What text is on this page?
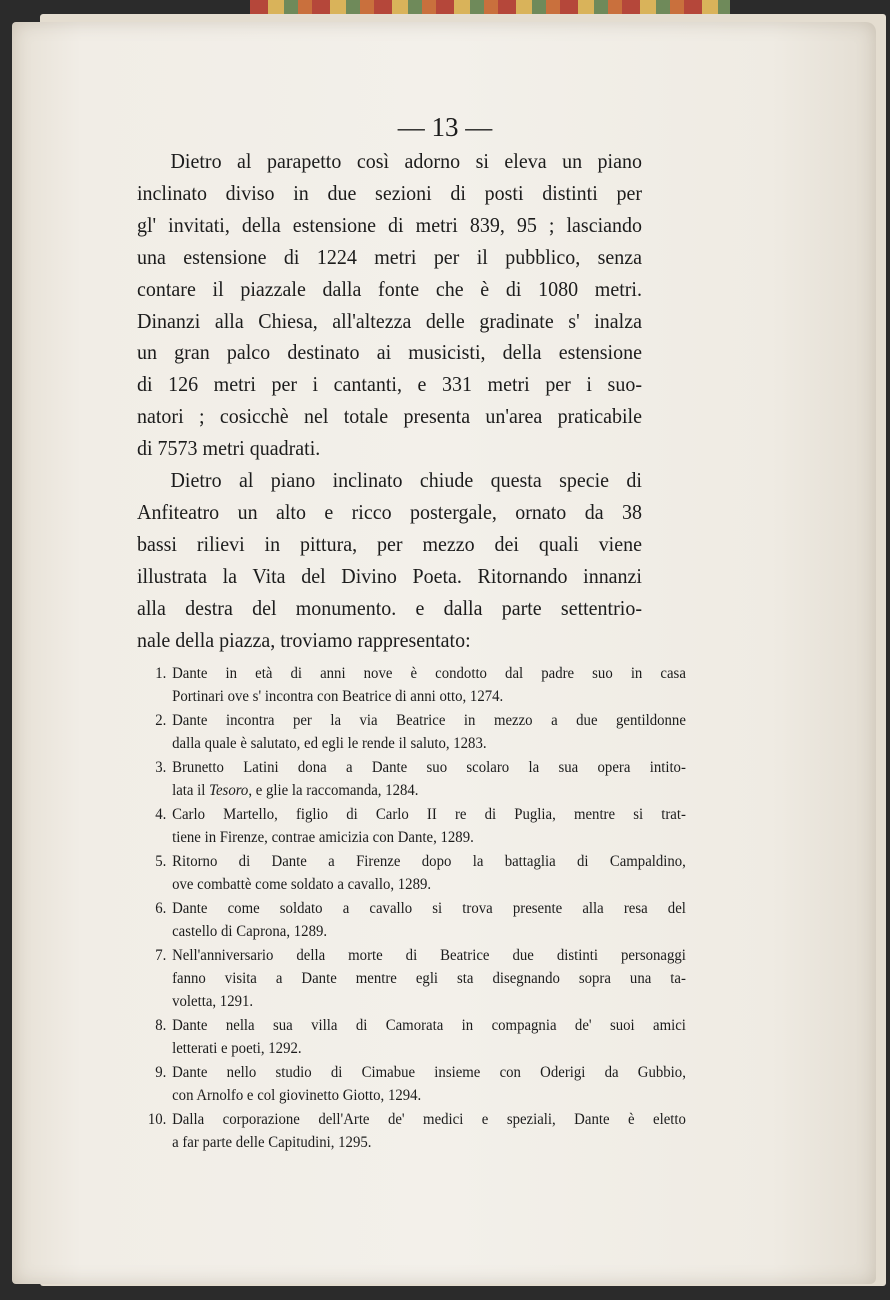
— 13 —

Dietro al parapetto così adorno si eleva un piano
inclinato diviso in due sezioni di posti distinti per
gl' invitati, della estensione di metri 839, 95 ; lasciando
una estensione di 1224 metri per il pubblico, senza
contare il piazzale dalla fonte che è di 1080 metri.
Dinanzi alla Chiesa, all'altezza delle gradinate s' inalza
un gran palco destinato ai musicisti, della estensione
di 126 metri per i cantanti, e 331 metri per i suo-
natori ; cosicchè nel totale presenta un'area praticabile
di 7573 metri quadrati.

Dietro al piano inclinato chiude questa specie di
Anfiteatro un alto e ricco postergale, ornato da 38
bassi rilievi in pittura, per mezzo dei quali viene
illustrata la Vita del Divino Poeta. Ritornando innanzi
alla destra del monumento. e dalla parte settentrio-
nale della piazza, troviamo rappresentato:

1. Dante in età di anni nove è condotto dal padre suo in casa
Portinari ove s' incontra con Beatrice di anni otto, 1274.
2. Dante incontra per la via Beatrice in mezzo a due gentildonne
dalla quale è salutato, ed egli le rende il saluto, 1283.
3. Brunetto Latini dona a Dante suo scolaro la sua opera intito-
lata il Tesoro, e glie la raccomanda, 1284.
4. Carlo Martello, figlio di Carlo II re di Puglia, mentre si trat-
tiene in Firenze, contrae amicizia con Dante, 1289.
5. Ritorno di Dante a Firenze dopo la battaglia di Campaldino,
ove combattè come soldato a cavallo, 1289.
6. Dante come soldato a cavallo si trova presente alla resa del
castello di Caprona, 1289.
7. Nell'anniversario della morte di Beatrice due distinti personaggi
fanno visita a Dante mentre egli sta disegnando sopra una ta-
voletta, 1291.
8. Dante nella sua villa di Camorata in compagnia de' suoi amici
letterati e poeti, 1292.
9. Dante nello studio di Cimabue insieme con Oderigi da Gubbio,
con Arnolfo e col giovinetto Giotto, 1294.
10. Dalla corporazione dell'Arte de' medici e speziali, Dante è eletto
a far parte delle Capitudini, 1295.
